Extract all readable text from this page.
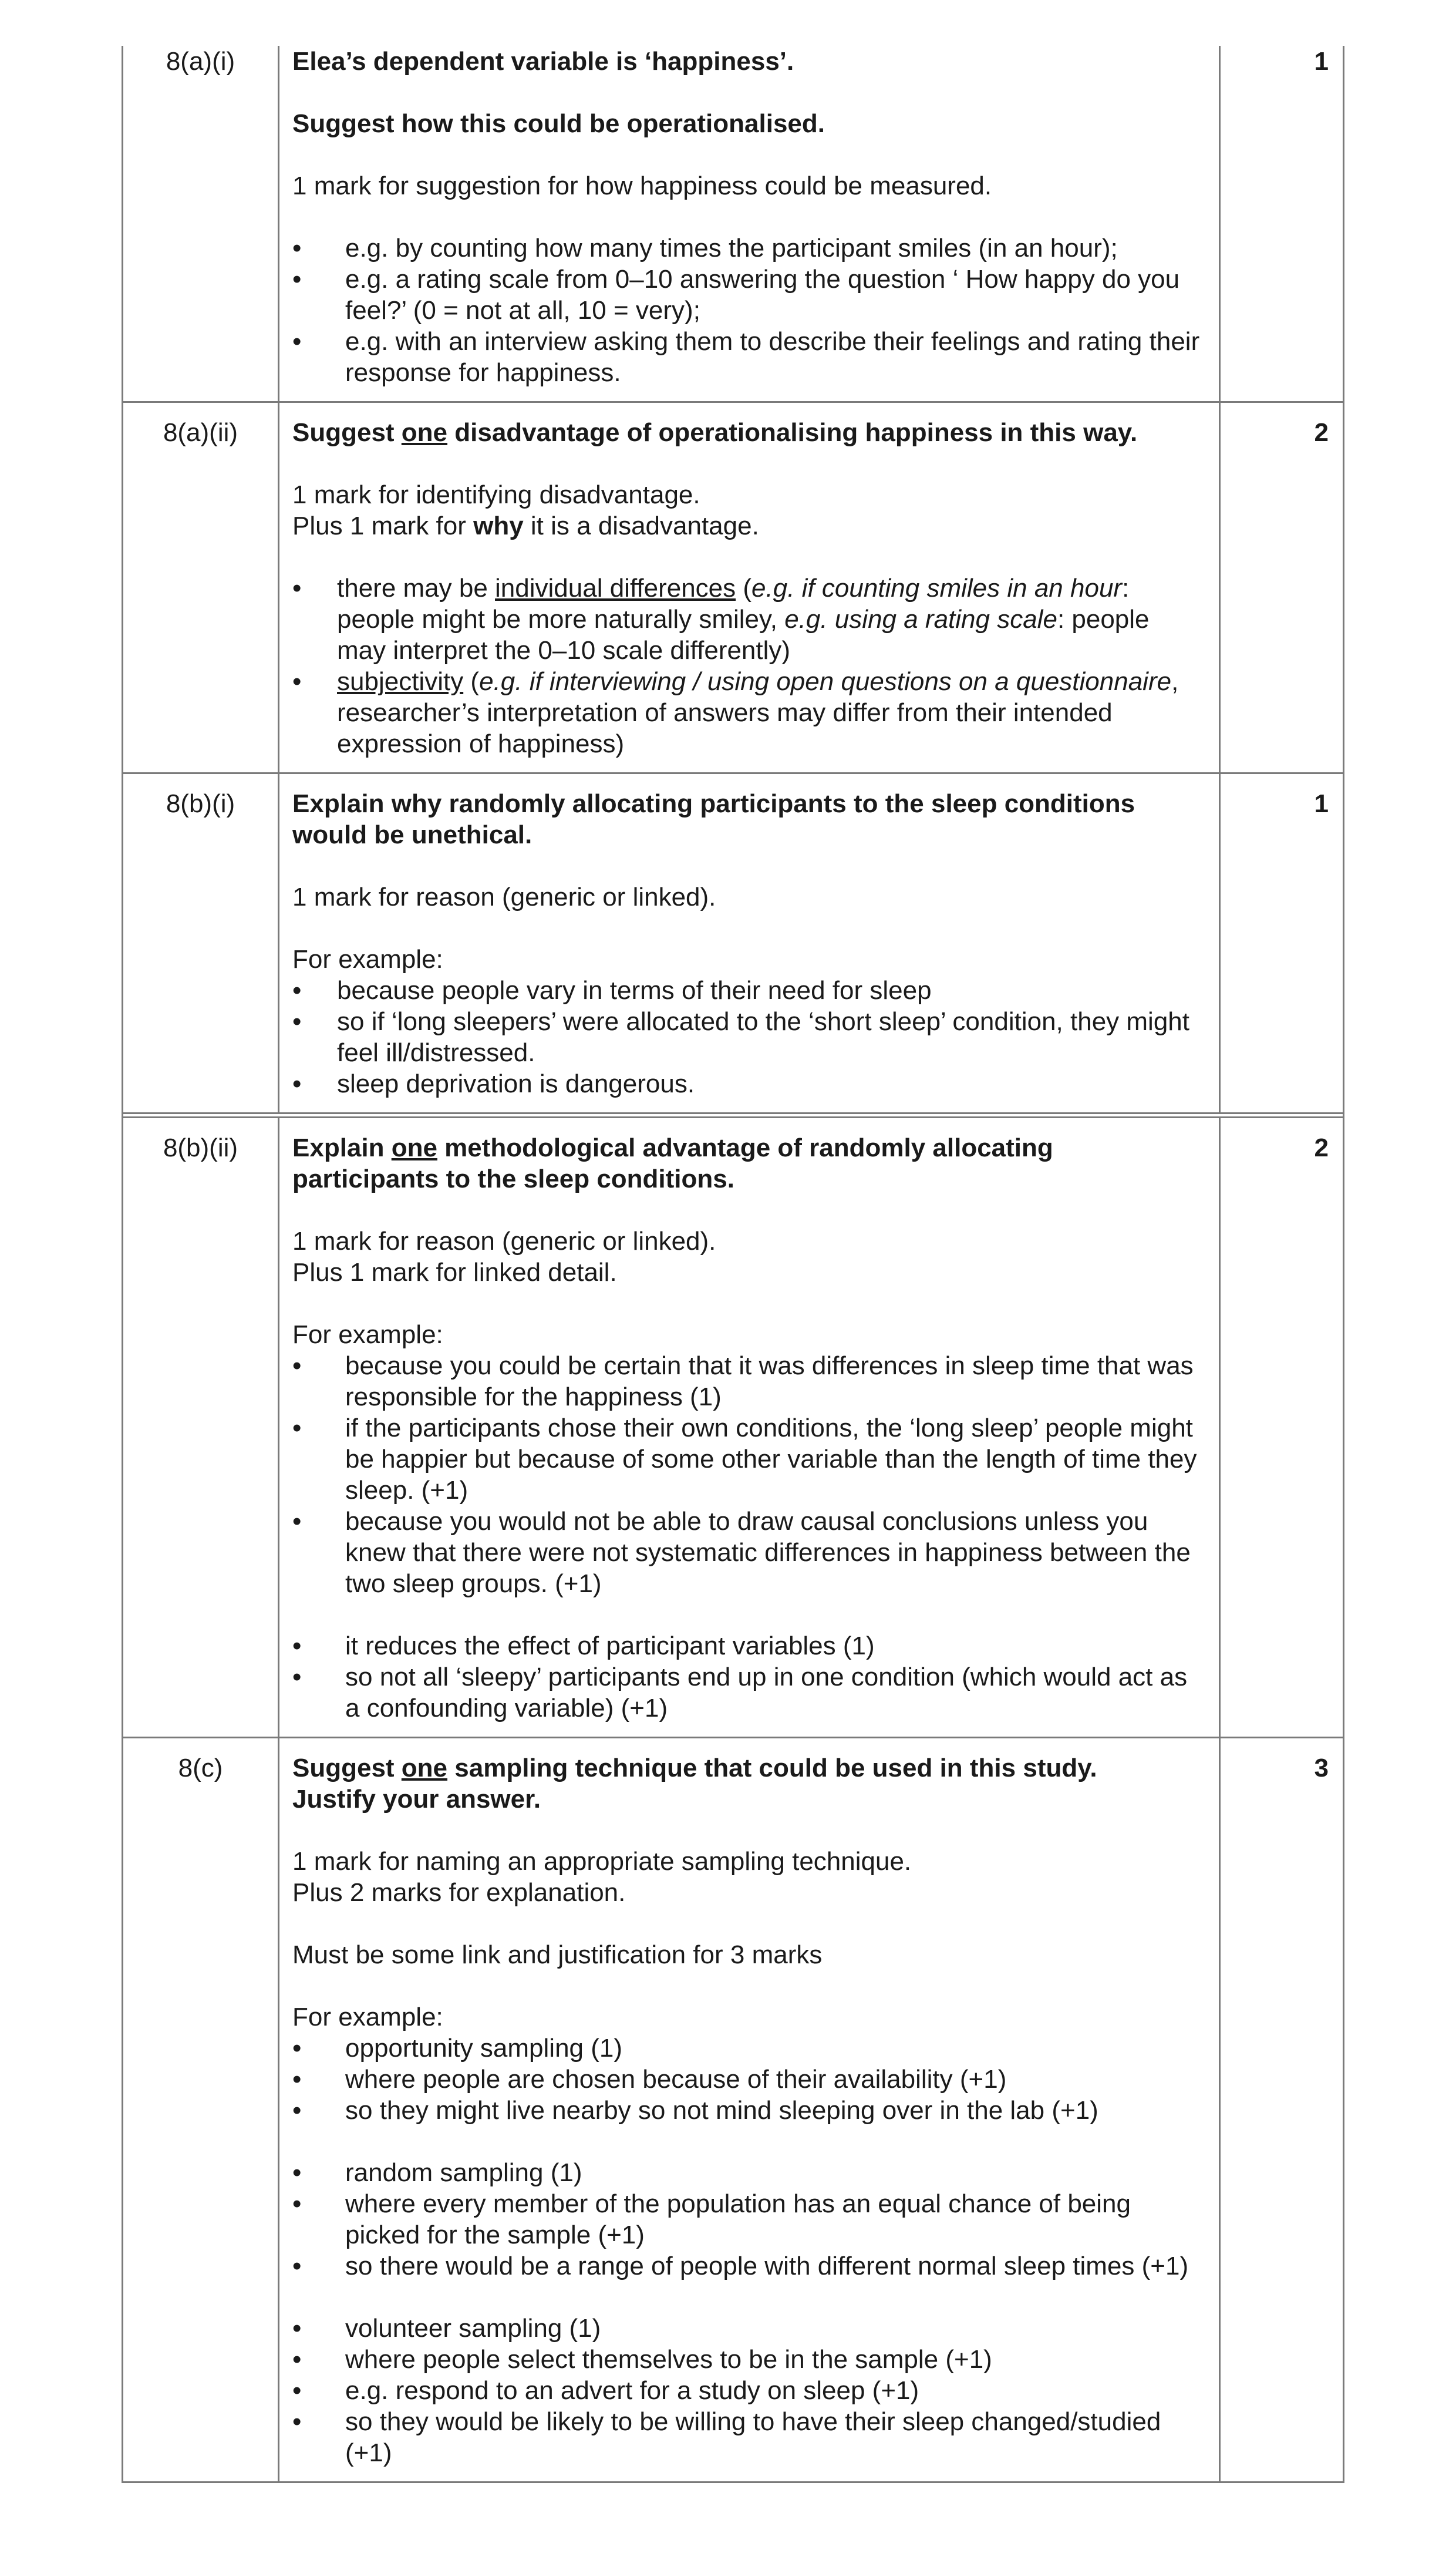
8(a)(i)	Elea’s dependent variable is ‘happiness’.

Suggest how this could be operationalised.

1 mark for suggestion for how happiness could be measured.

• e.g. by counting how many times the participant smiles (in an hour);
• e.g. a rating scale from 0–10 answering the question ‘ How happy do you feel?’ (0 = not at all, 10 = very);
• e.g. with an interview asking them to describe their feelings and rating their response for happiness.
1
8(a)(ii)	Suggest one disadvantage of operationalising happiness in this way.

1 mark for identifying disadvantage.

Plus 1 mark for why it is a disadvantage.

• there may be individual differences (e.g. if counting smiles in an hour: people might be more naturally smiley, e.g. using a rating scale: people may interpret the 0–10 scale differently)
• subjectivity (e.g. if interviewing / using open questions on a questionnaire, researcher’s interpretation of answers may differ from their intended expression of happiness)
2
8(b)(i)	Explain why randomly allocating participants to the sleep conditions would be unethical.

1 mark for reason (generic or linked).

For example:

• because people vary in terms of their need for sleep
• so if ‘long sleepers’ were allocated to the ‘short sleep’ condition, they might feel ill/distressed.
• sleep deprivation is dangerous.
1
8(b)(ii)	Explain one methodological advantage of randomly allocating participants to the sleep conditions.

1 mark for reason (generic or linked).

Plus 1 mark for linked detail.

For example:

• because you could be certain that it was differences in sleep time that was responsible for the happiness (1)
• if the participants chose their own conditions, the ‘long sleep’ people might be happier but because of some other variable than the length of time they sleep. (+1)
• because you would not be able to draw causal conclusions unless you knew that there were not systematic differences in happiness between the two sleep groups. (+1)
• it reduces the effect of participant variables (1)
• so not all ‘sleepy’ participants end up in one condition (which would act as a confounding variable) (+1)
2
8(c)	Suggest one sampling technique that could be used in this study.

Justify your answer.

1 mark for naming an appropriate sampling technique.

Plus 2 marks for explanation.

Must be some link and justification for 3 marks

For example:

• opportunity sampling (1)
• where people are chosen because of their availability (+1)
• so they might live nearby so not mind sleeping over in the lab (+1)
• random sampling (1)
• where every member of the population has an equal chance of being picked for the sample (+1)
• so there would be a range of people with different normal sleep times (+1)
• volunteer sampling (1)
• where people select themselves to be in the sample (+1)
• e.g. respond to an advert for a study on sleep (+1)
• so they would be likely to be willing to have their sleep changed/studied (+1)
3
